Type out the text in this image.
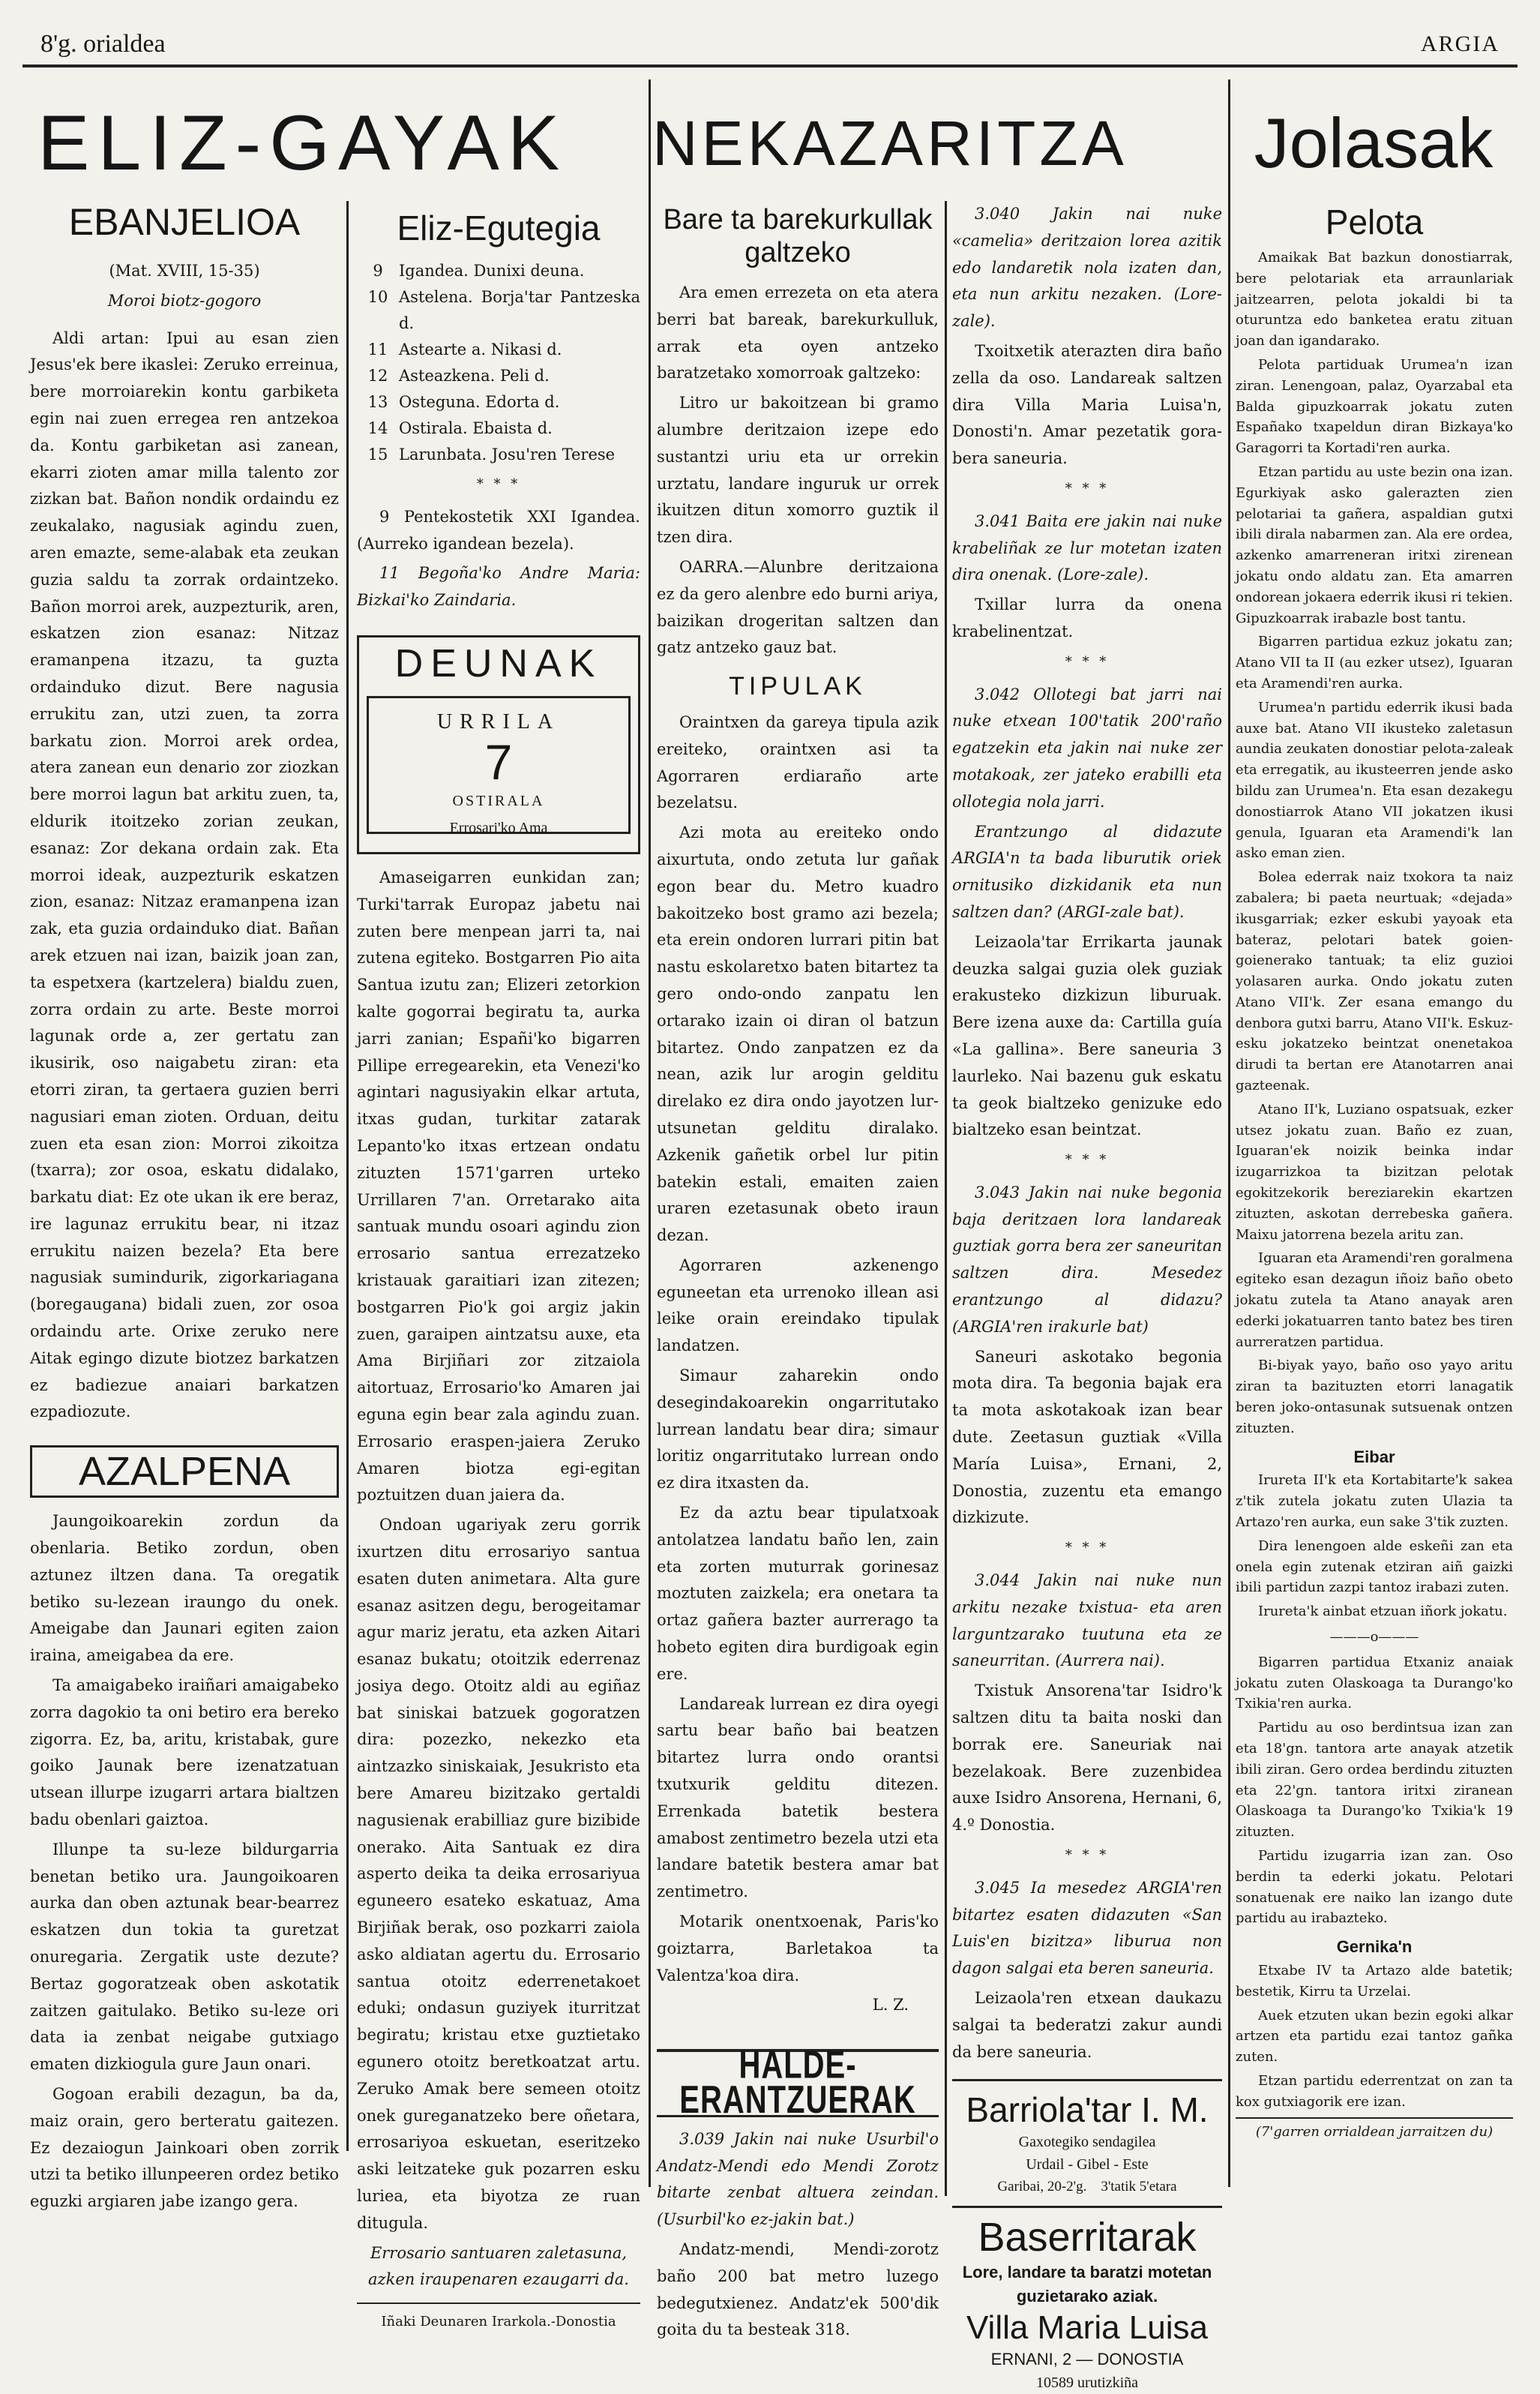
8'g. orialdea	ARGIA
ELIZ-GAYAK	NEKAZARITZA	Jolasak
EBANJELIOA

(Mat. XVIII, 15-35)

Moroi biotz-gogoro

Aldi artan: Ipui au esan zien Jesus'ek bere ikaslei: Zeruko erreinua, bere morroiarekin kontu garbiketa egin nai zuen erregea ren antzekoa da. Kontu garbiketan asi zanean, ekarri zioten amar milla talento zor zizkan bat. Bañon nondik ordaindu ez zeukalako, nagusiak agindu zuen, aren emazte, seme-alabak eta zeukan guzia saldu ta zorrak ordaintzeko. Bañon morroi arek, auzpezturik, aren, eskatzen zion esanaz: Nitzaz eramanpena itzazu, ta guzta ordainduko dizut. Bere nagusia errukitu zan, utzi zuen, ta zorra barkatu zion. Morroi arek ordea, atera zanean eun denario zor ziozkan bere morroi lagun bat arkitu zuen, ta, eldurik itoitzeko zorian zeukan, esanaz: Zor dekana ordain zak. Eta morroi ideak, auzpezturik eskatzen zion, esanaz: Nitzaz eramanpena izan zak, eta guzia ordainduko diat. Bañan arek etzuen nai izan, baizik joan zan, ta espetxera (kartzelera) bialdu zuen, zorra ordain zu arte. Beste morroi lagunak orde a, zer gertatu zan ikusirik, oso naigabetu ziran: eta etorri ziran, ta gertaera guzien berri nagusiari eman zioten. Orduan, deitu zuen eta esan zion: Morroi zikoitza (txarra); zor osoa, eskatu didalako, barkatu diat: Ez ote ukan ik ere beraz, ire lagunaz errukitu bear, ni itzaz errukitu naizen bezela? Eta bere nagusiak sumindurik, zigorkariagana (boregaugana) bidali zuen, zor osoa ordaindu arte. Orixe zeruko nere Aitak egingo dizute biotzez barkatzen ez badiezue anaiari barkatzen ezpadiozute.

AZALPENA

Jaungoikoarekin zordun da obenlaria. Betiko zordun, oben aztunez iltzen dana. Ta oregatik betiko su-lezean iraungo du onek. Ameigabe dan Jaunari egiten zaion iraina, ameigabea da ere.

Ta amaigabeko iraiñari amaigabeko zorra dagokio ta oni betiro era bereko zigorra. Ez, ba, aritu, kristabak, gure goiko Jaunak bere izenatzatuan utsean illurpe izugarri artara bialtzen badu obenlari gaiztoa.

Illunpe ta su-leze bildurgarria benetan betiko ura. Jaungoikoaren aurka dan oben aztunak bear-bearrez eskatzen dun tokia ta guretzat onuregaria. Zergatik uste dezute? Bertaz gogoratzeak oben askotatik zaitzen gaitulako. Betiko su-leze ori data ia zenbat neigabe gutxiago ematen dizkiogula gure Jaun onari.

Gogoan erabili dezagun, ba da, maiz orain, gero berteratu gaitezen. Ez dezaiogun Jainkoari oben zorrik utzi ta betiko illunpeeren ordez betiko eguzki argiaren jabe izango gera.

Eliz-Egutegia
9	Igandea. Dunixi deuna.
10	Astelena. Borja'tar Pantzeska d.
11	Astearte a. Nikasi d.
12	Asteazkena. Peli d.
13	Osteguna. Edorta d.
14	Ostirala. Ebaista d.
15	Larunbata. Josu'ren Terese
* * *

9 Pentekostetik XXI Igandea. (Aurreko igandean bezela).

11 Begoña'ko Andre Maria: Bizkai'ko Zaindaria.

DEUNAK
URRILA
7
OSTIRALA
Errosari'ko Ama

Amaseigarren eunkidan zan; Turki'tarrak Europaz jabetu nai zuten bere menpean jarri ta, nai zutena egiteko. Bostgarren Pio aita Santua izutu zan; Elizeri zetorkion kalte gogorrai begiratu ta, aurka jarri zanian; Españi'ko bigarren Pillipe erregearekin, eta Venezi'ko agintari nagusiyakin elkar artuta, itxas gudan, turkitar zatarak Lepanto'ko itxas ertzean ondatu zituzten 1571'garren urteko Urrillaren 7'an. Orretarako aita santuak mundu osoari agindu zion errosario santua errezatzeko kristauak garaitiari izan zitezen; bostgarren Pio'k goi argiz jakin zuen, garaipen aintzatsu auxe, eta Ama Birjiñari zor zitzaiola aitortuaz, Errosario'ko Amaren jai eguna egin bear zala agindu zuan. Errosario eraspen-jaiera Zeruko Amaren biotza egi-egitan poztuitzen duan jaiera da.

Ondoan ugariyak zeru gorrik ixurtzen ditu errosariyo santua esaten duten animetara. Alta gure esanaz asitzen degu, berogeitamar agur mariz jeratu, eta azken Aitari esanaz bukatu; otoitzik ederrenaz josiya dego. Otoitz aldi au egiñaz bat siniskai batzuek gogoratzen dira: pozezko, nekezko eta aintzazko siniskaiak, Jesukristo eta bere Amareu bizitzako gertaldi nagusienak erabilliaz gure bizibide onerako. Aita Santuak ez dira asperto deika ta deika errosariyua eguneero esateko eskatuaz, Ama Birjiñak berak, oso pozkarri zaiola asko aldiatan agertu du. Errosario santua otoitz ederrenetakoet eduki; ondasun guziyek iturritzat begiratu; kristau etxe guztietako egunero otoitz beretkoatzat artu. Zeruko Amak bere semeen otoitz onek gureganatzeko bere oñetara, errosariyoa eskuetan, eseritzeko aski leitzateke guk pozarren esku luriea, eta biyotza ze ruan ditugula.

Errosario santuaren zaletasuna, azken iraupenaren ezaugarri da.

Iñaki Deunaren Irarkola.-Donostia
Bare ta barekurkullak galtzeko

Ara emen errezeta on eta atera berri bat bareak, barekurkulluk, arrak eta oyen antzeko baratzetako xomorroak galtzeko:

Litro ur bakoitzean bi gramo alumbre deritzaion izepe edo sustantzi uriu eta ur orrekin urztatu, landare inguruk ur orrek ikuitzen ditun xomorro guztik il tzen dira.

OARRA.—Alunbre deritzaiona ez da gero alenbre edo burni ariya, baizikan drogeritan saltzen dan gatz antzeko gauz bat.

TIPULAK

Oraintxen da gareya tipula azik ereiteko, oraintxen asi ta Agorraren erdiaraño arte bezelatsu.

Azi mota au ereiteko ondo aixurtuta, ondo zetuta lur gañak egon bear du. Metro kuadro bakoitzeko bost gramo azi bezela; eta erein ondoren lurrari pitin bat nastu eskolaretxo baten bitartez ta gero ondo-ondo zanpatu len ortarako izain oi diran ol batzun bitartez. Ondo zanpatzen ez da nean, azik lur arogin gelditu direlako ez dira ondo jayotzen lur-utsunetan gelditu diralako. Azkenik gañetik orbel lur pitin batekin estali, emaiten zaien uraren ezetasunak obeto iraun dezan.

Agorraren azkenengo eguneetan eta urrenoko illean asi leike orain ereindako tipulak landatzen.

Simaur zaharekin ondo desegindakoarekin ongarritutako lurrean landatu bear dira; simaur loritiz ongarritutako lurrean ondo ez dira itxasten da.

Ez da aztu bear tipulatxoak antolatzea landatu baño len, zain eta zorten muturrak gorinesaz moztuten zaizkela; era onetara ta ortaz gañera bazter aurrerago ta hobeto egiten dira burdigoak egin ere.

Landareak lurrean ez dira oyegi sartu bear baño bai beatzen bitartez lurra ondo orantsi txutxurik gelditu ditezen. Errenkada batetik bestera amabost zentimetro bezela utzi eta landare batetik bestera amar bat zentimetro.

Motarik onentxoenak, Paris'ko goiztarra, Barletakoa ta Valentza'koa dira.

L. Z.

HALDE-ERANTZUERAK

3.039 Jakin nai nuke Usurbil'o Andatz-Mendi edo Mendi Zorotz bitarte zenbat altuera zeindan. (Usurbil'ko ez-jakin bat.)

Andatz-mendi, Mendi-zorotz baño 200 bat metro luzego bedegutxienez. Andatz'ek 500'dik goita du ta besteak 318.

3.040 Jakin nai nuke «camelia» deritzaion lorea azitik edo landaretik nola izaten dan, eta nun arkitu nezaken. (Lore-zale).

Txoitxetik aterazten dira baño zella da oso. Landareak saltzen dira Villa Maria Luisa'n, Donosti'n. Amar pezetatik gora-bera saneuria.

* * *

3.041 Baita ere jakin nai nuke krabeliñak ze lur motetan izaten dira onenak. (Lore-zale).

Txillar lurra da onena krabelinentzat.

* * *

3.042 Ollotegi bat jarri nai nuke etxean 100'tatik 200'raño egatzekin eta jakin nai nuke zer motakoak, zer jateko erabilli eta ollotegia nola jarri.

Erantzungo al didazute ARGIA'n ta bada liburutik oriek ornitusiko dizkidanik eta nun saltzen dan? (ARGI-zale bat).

Leizaola'tar Errikarta jaunak deuzka salgai guzia olek guziak erakusteko dizkizun liburuak. Bere izena auxe da: Cartilla guía «La gallina». Bere saneuria 3 laurleko. Nai bazenu guk eskatu ta geok bialtzeko genizuke edo bialtzeko esan beintzat.

* * *

3.043 Jakin nai nuke begonia baja deritzaen lora landareak guztiak gorra bera zer saneuritan saltzen dira. Mesedez erantzungo al didazu? (ARGIA'ren irakurle bat)

Saneuri askotako begonia mota dira. Ta begonia bajak era ta mota askotakoak izan bear dute. Zeetasun guztiak «Villa María Luisa», Ernani, 2, Donostia, zuzentu eta emango dizkizute.

* * *

3.044 Jakin nai nuke nun arkitu nezake txistua- eta aren larguntzarako tuutuna eta ze saneurritan. (Aurrera nai).

Txistuk Ansorena'tar Isidro'k saltzen ditu ta baita noski dan borrak ere. Saneuriak nai bezelakoak. Bere zuzenbidea auxe Isidro Ansorena, Hernani, 6, 4.º Donostia.

* * *

3.045 Ia mesedez ARGIA'ren bitartez esaten didazuten «San Luis'en bizitza» liburua non dagon salgai eta beren saneuria.

Leizaola'ren etxean daukazu salgai ta bederatzi zakur aundi da bere saneuria.

Barriola'tar I. M.
Gaxotegiko sendagilea
Urdail - Gibel - Este
Garibai, 20-2'g.    3'tatik 5'etara
Baserritarak
Lore, landare ta baratzi motetan guzietarako aziak.
Villa Maria Luisa
ERNANI, 2 — DONOSTIA
10589 urutizkiña
Pelota

Amaikak Bat bazkun donostiarrak, bere pelotariak eta arraunlariak jaitzearren, pelota jokaldi bi ta oturuntza edo banketea eratu zituan joan dan igandarako.

Pelota partiduak Urumea'n izan ziran. Lenengoan, palaz, Oyarzabal eta Balda gipuzkoarrak jokatu zuten Españako txapeldun diran Bizkaya'ko Garagorri ta Kortadi'ren aurka.

Etzan partidu au uste bezin ona izan. Egurkiyak asko galerazten zien pelotariai ta gañera, aspaldian gutxi ibili dirala nabarmen zan. Ala ere ordea, azkenko amarreneran iritxi zirenean jokatu ondo aldatu zan. Eta amarren ondorean jokaera ederrik ikusi ri tekien. Gipuzkoarrak irabazle bost tantu.

Bigarren partidua ezkuz jokatu zan; Atano VII ta II (au ezker utsez), Iguaran eta Aramendi'ren aurka.

Urumea'n partidu ederrik ikusi bada auxe bat. Atano VII ikusteko zaletasun aundia zeukaten donostiar pelota-zaleak eta erregatik, au ikusteerren jende asko bildu zan Urumea'n. Eta esan dezakegu donostiarrok Atano VII jokatzen ikusi genula, Iguaran eta Aramendi'k lan asko eman zien.

Bolea ederrak naiz txokora ta naiz zabalera; bi paeta neurtuak; «dejada» ikusgarriak; ezker eskubi yayoak eta bateraz, pelotari batek goien-goienerako tantuak; ta eliz guzioi yolasaren aurka. Ondo jokatu zuten Atano VII'k. Zer esana emango du denbora gutxi barru, Atano VII'k. Eskuz-esku jokatzeko beintzat onenetakoa dirudi ta bertan ere Atanotarren anai gazteenak.

Atano II'k, Luziano ospatsuak, ezker utsez jokatu zuan. Baño ez zuan, Iguaran'ek noizik beinka indar izugarrizkoa ta bizitzan pelotak egokitzekorik bereziarekin ekartzen zituzten, askotan derrebeska gañera. Maixu jatorrena bezela aritu zan.

Iguaran eta Aramendi'ren goralmena egiteko esan dezagun iñoiz baño obeto jokatu zutela ta Atano anayak aren ederki jokatuarren tanto batez bes tiren aurreratzen partidua.

Bi-biyak yayo, baño oso yayo aritu ziran ta bazituzten etorri lanagatik beren joko-ontasunak sutsuenak ontzen zituzten.

Eibar

Irureta II'k eta Kortabitarte'k sakea z'tik zutela jokatu zuten Ulazia ta Artazo'ren aurka, eun sake 3'tik zuzten.

Dira lenengoen alde eskeñi zan eta onela egin zutenak etziran aiñ gaizki ibili partidun zazpi tantoz irabazi zuten.

Irureta'k ainbat etzuan iñork jokatu.

———o———

Bigarren partidua Etxaniz anaiak jokatu zuten Olaskoaga ta Durango'ko Txikia'ren aurka.

Partidu au oso berdintsua izan zan eta 18'gn. tantora arte anayak atzetik ibili ziran. Gero ordea berdindu zituzten eta 22'gn. tantora iritxi ziranean Olaskoaga ta Durango'ko Txikia'k 19 zituzten.

Partidu izugarria izan zan. Oso berdin ta ederki jokatu. Pelotari sonatuenak ere naiko lan izango dute partidu au irabazteko.

Gernika'n

Etxabe IV ta Artazo alde batetik; bestetik, Kirru ta Urzelai.

Auek etzuten ukan bezin egoki alkar artzen eta partidu ezai tantoz gañka zuten.

Etzan partidu ederrentzat on zan ta kox gutxiagorik ere izan.

(7'garren orrialdean jarraitzen du)
